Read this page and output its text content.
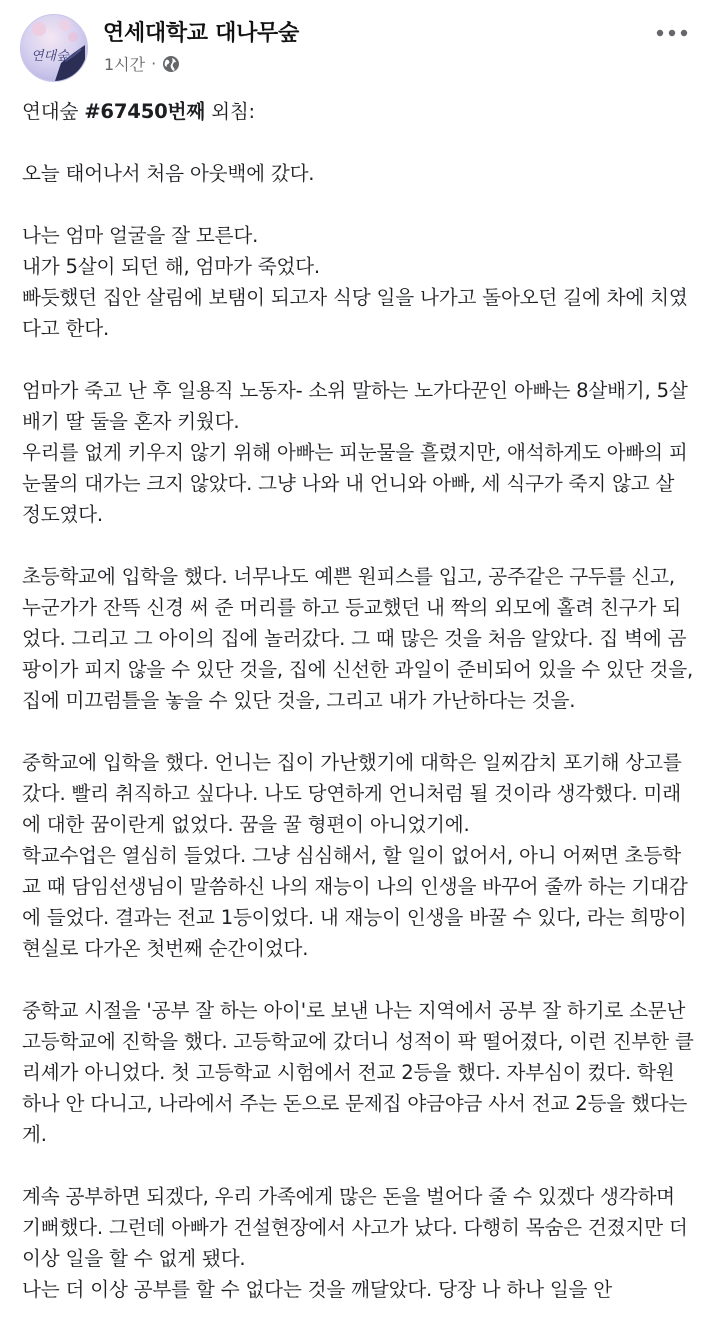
연대숲
연세대학교 대나무숲
1시간 ·

연대숲 #67450번째 외침:

오늘 태어나서 처음 아웃백에 갔다.

나는 엄마 얼굴을 잘 모른다.
내가 5살이 되던 해, 엄마가 죽었다.
빠듯했던 집안 살림에 보탬이 되고자 식당 일을 나가고 돌아오던 길에 차에 치였다고 한다.

엄마가 죽고 난 후 일용직 노동자- 소위 말하는 노가다꾼인 아빠는 8살배기, 5살배기 딸 둘을 혼자 키웠다.
우리를 없게 키우지 않기 위해 아빠는 피눈물을 흘렸지만, 애석하게도 아빠의 피눈물의 대가는 크지 않았다. 그냥 나와 내 언니와 아빠, 세 식구가 죽지 않고 살 정도였다.

초등학교에 입학을 했다. 너무나도 예쁜 원피스를 입고, 공주같은 구두를 신고, 누군가가 잔뜩 신경 써 준 머리를 하고 등교했던 내 짝의 외모에 홀려 친구가 되었다. 그리고 그 아이의 집에 놀러갔다. 그 때 많은 것을 처음 알았다. 집 벽에 곰팡이가 피지 않을 수 있단 것을, 집에 신선한 과일이 준비되어 있을 수 있단 것을, 집에 미끄럼틀을 놓을 수 있단 것을, 그리고 내가 가난하다는 것을.

중학교에 입학을 했다. 언니는 집이 가난했기에 대학은 일찌감치 포기해 상고를 갔다. 빨리 취직하고 싶다나. 나도 당연하게 언니처럼 될 것이라 생각했다. 미래에 대한 꿈이란게 없었다. 꿈을 꿀 형편이 아니었기에.
학교수업은 열심히 들었다. 그냥 심심해서, 할 일이 없어서, 아니 어쩌면 초등학교 때 담임선생님이 말씀하신 나의 재능이 나의 인생을 바꾸어 줄까 하는 기대감에 들었다. 결과는 전교 1등이었다. 내 재능이 인생을 바꿀 수 있다, 라는 희망이 현실로 다가온 첫번째 순간이었다.

중학교 시절을 '공부 잘 하는 아이'로 보낸 나는 지역에서 공부 잘 하기로 소문난 고등학교에 진학을 했다. 고등학교에 갔더니 성적이 팍 떨어졌다, 이런 진부한 클리셰가 아니었다. 첫 고등학교 시험에서 전교 2등을 했다. 자부심이 컸다. 학원 하나 안 다니고, 나라에서 주는 돈으로 문제집 야금야금 사서 전교 2등을 했다는 게.

계속 공부하면 되겠다, 우리 가족에게 많은 돈을 벌어다 줄 수 있겠다 생각하며 기뻐했다. 그런데 아빠가 건설현장에서 사고가 났다. 다행히 목숨은 건졌지만 더 이상 일을 할 수 없게 됐다.
나는 더 이상 공부를 할 수 없다는 것을 깨달았다. 당장 나 하나 일을 안
